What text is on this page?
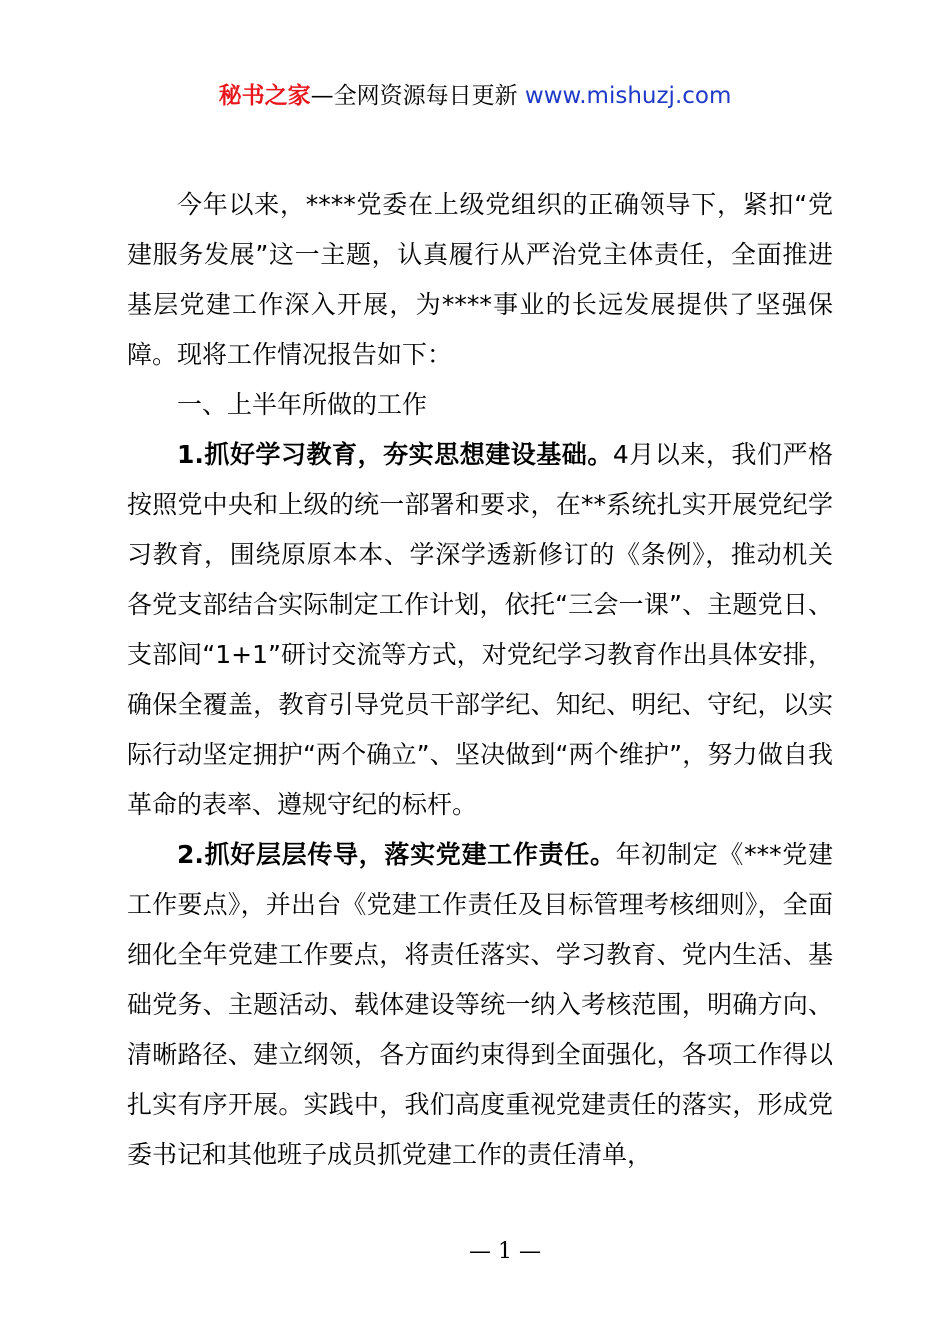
秘书之家—全网资源每日更新 www.mishuzj.com

今年以来，****党委在上级党组织的正确领导下，紧扣“党建服务发展”这一主题，认真履行从严治党主体责任，全面推进基层党建工作深入开展，为****事业的长远发展提供了坚强保障。现将工作情况报告如下：

一、上半年所做的工作

1.抓好学习教育，夯实思想建设基础。4月以来，我们严格按照党中央和上级的统一部署和要求，在**系统扎实开展党纪学习教育，围绕原原本本、学深学透新修订的《条例》，推动机关各党支部结合实际制定工作计划，依托“三会一课”、主题党日、支部间“1+1”研讨交流等方式，对党纪学习教育作出具体安排，确保全覆盖，教育引导党员干部学纪、知纪、明纪、守纪，以实际行动坚定拥护“两个确立”、坚决做到“两个维护”，努力做自我革命的表率、遵规守纪的标杆。

2.抓好层层传导，落实党建工作责任。年初制定《***党建工作要点》，并出台《党建工作责任及目标管理考核细则》，全面细化全年党建工作要点，将责任落实、学习教育、党内生活、基础党务、主题活动、载体建设等统一纳入考核范围，明确方向、清晰路径、建立纲领，各方面约束得到全面强化，各项工作得以扎实有序开展。实践中，我们高度重视党建责任的落实，形成党委书记和其他班子成员抓党建工作的责任清单，

— 1 —
